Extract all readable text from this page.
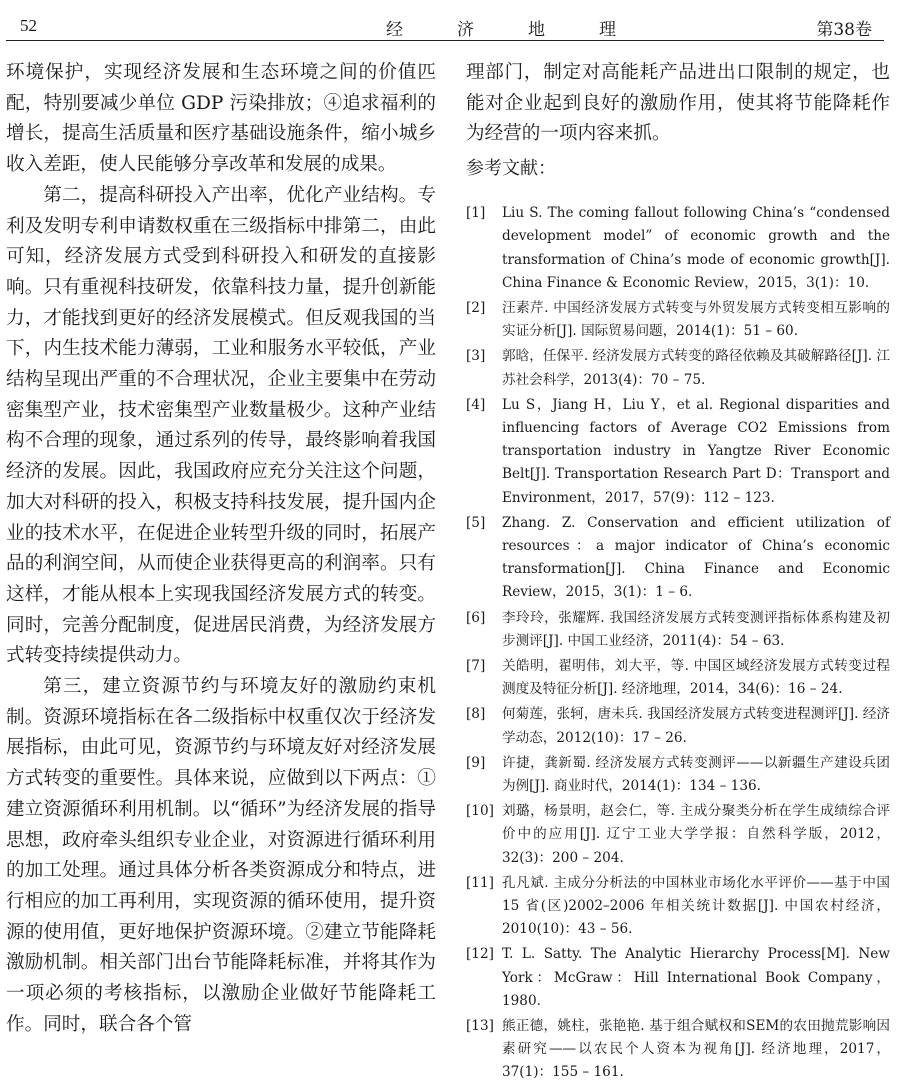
52	经	济	地	理	第38卷

环境保护，实现经济发展和生态环境之间的价值匹配，特别要减少单位 GDP 污染排放；④追求福利的增长，提高生活质量和医疗基础设施条件，缩小城乡收入差距，使人民能够分享改革和发展的成果。

第二，提高科研投入产出率，优化产业结构。专利及发明专利申请数权重在三级指标中排第二，由此可知，经济发展方式受到科研投入和研发的直接影响。只有重视科技研发，依靠科技力量，提升创新能力，才能找到更好的经济发展模式。但反观我国的当下，内生技术能力薄弱，工业和服务水平较低，产业结构呈现出严重的不合理状况，企业主要集中在劳动密集型产业，技术密集型产业数量极少。这种产业结构不合理的现象，通过系列的传导，最终影响着我国经济的发展。因此，我国政府应充分关注这个问题，加大对科研的投入，积极支持科技发展，提升国内企业的技术水平，在促进企业转型升级的同时，拓展产品的利润空间，从而使企业获得更高的利润率。只有这样，才能从根本上实现我国经济发展方式的转变。同时，完善分配制度，促进居民消费，为经济发展方式转变持续提供动力。

第三，建立资源节约与环境友好的激励约束机制。资源环境指标在各二级指标中权重仅次于经济发展指标，由此可见，资源节约与环境友好对经济发展方式转变的重要性。具体来说，应做到以下两点：①建立资源循环利用机制。以“循环”为经济发展的指导思想，政府牵头组织专业企业，对资源进行循环利用的加工处理。通过具体分析各类资源成分和特点，进行相应的加工再利用，实现资源的循环使用，提升资源的使用值，更好地保护资源环境。②建立节能降耗激励机制。相关部门出台节能降耗标准，并将其作为一项必须的考核指标，以激励企业做好节能降耗工作。同时，联合各个管

理部门，制定对高能耗产品进出口限制的规定，也能对企业起到良好的激励作用，使其将节能降耗作为经营的一项内容来抓。

参考文献：
[1] Liu S. The coming fallout following China’s “condensed development model” of economic growth and the transformation of China’s mode of economic growth[J]. China Finance & Economic Review，2015，3(1)：10.
[2] 汪素芹. 中国经济发展方式转变与外贸发展方式转变相互影响的实证分析[J]. 国际贸易问题，2014(1)：51 – 60.
[3] 郭晗，任保平. 经济发展方式转变的路径依赖及其破解路径[J]. 江苏社会科学，2013(4)：70 – 75.
[4] Lu S，Jiang H，Liu Y，et al. Regional disparities and influencing factors of Average CO2 Emissions from transportation industry in Yangtze River Economic Belt[J]. Transportation Research Part D：Transport and Environment，2017，57(9)：112 – 123.
[5] Zhang. Z. Conservation and efficient utilization of resources：a major indicator of China’s economic transformation[J]. China Finance and Economic Review，2015，3(1)：1 – 6.
[6] 李玲玲，张耀辉. 我国经济发展方式转变测评指标体系构建及初步测评[J]. 中国工业经济，2011(4)：54 – 63.
[7] 关皓明，翟明伟，刘大平，等. 中国区域经济发展方式转变过程测度及特征分析[J]. 经济地理，2014，34(6)：16 – 24.
[8] 何菊莲，张轲，唐未兵. 我国经济发展方式转变进程测评[J]. 经济学动态，2012(10)：17 – 26.
[9] 许捷，龚新蜀. 经济发展方式转变测评——以新疆生产建设兵团为例[J]. 商业时代，2014(1)：134 – 136.
[10] 刘璐，杨景明，赵会仁，等. 主成分聚类分析在学生成绩综合评价中的应用[J]. 辽宁工业大学学报：自然科学版，2012，32(3)：200 – 204.
[11] 孔凡斌. 主成分分析法的中国林业市场化水平评价——基于中国 15 省(区)2002–2006 年相关统计数据[J]. 中国农村经济，2010(10)：43 – 56.
[12] T. L. Satty. The Analytic Hierarchy Process[M]. New York：McGraw：Hill International Book Company，1980.
[13] 熊正德，姚柱，张艳艳. 基于组合赋权和SEM的农田抛荒影响因素研究——以农民个人资本为视角[J]. 经济地理，2017，37(1)：155 – 161.
